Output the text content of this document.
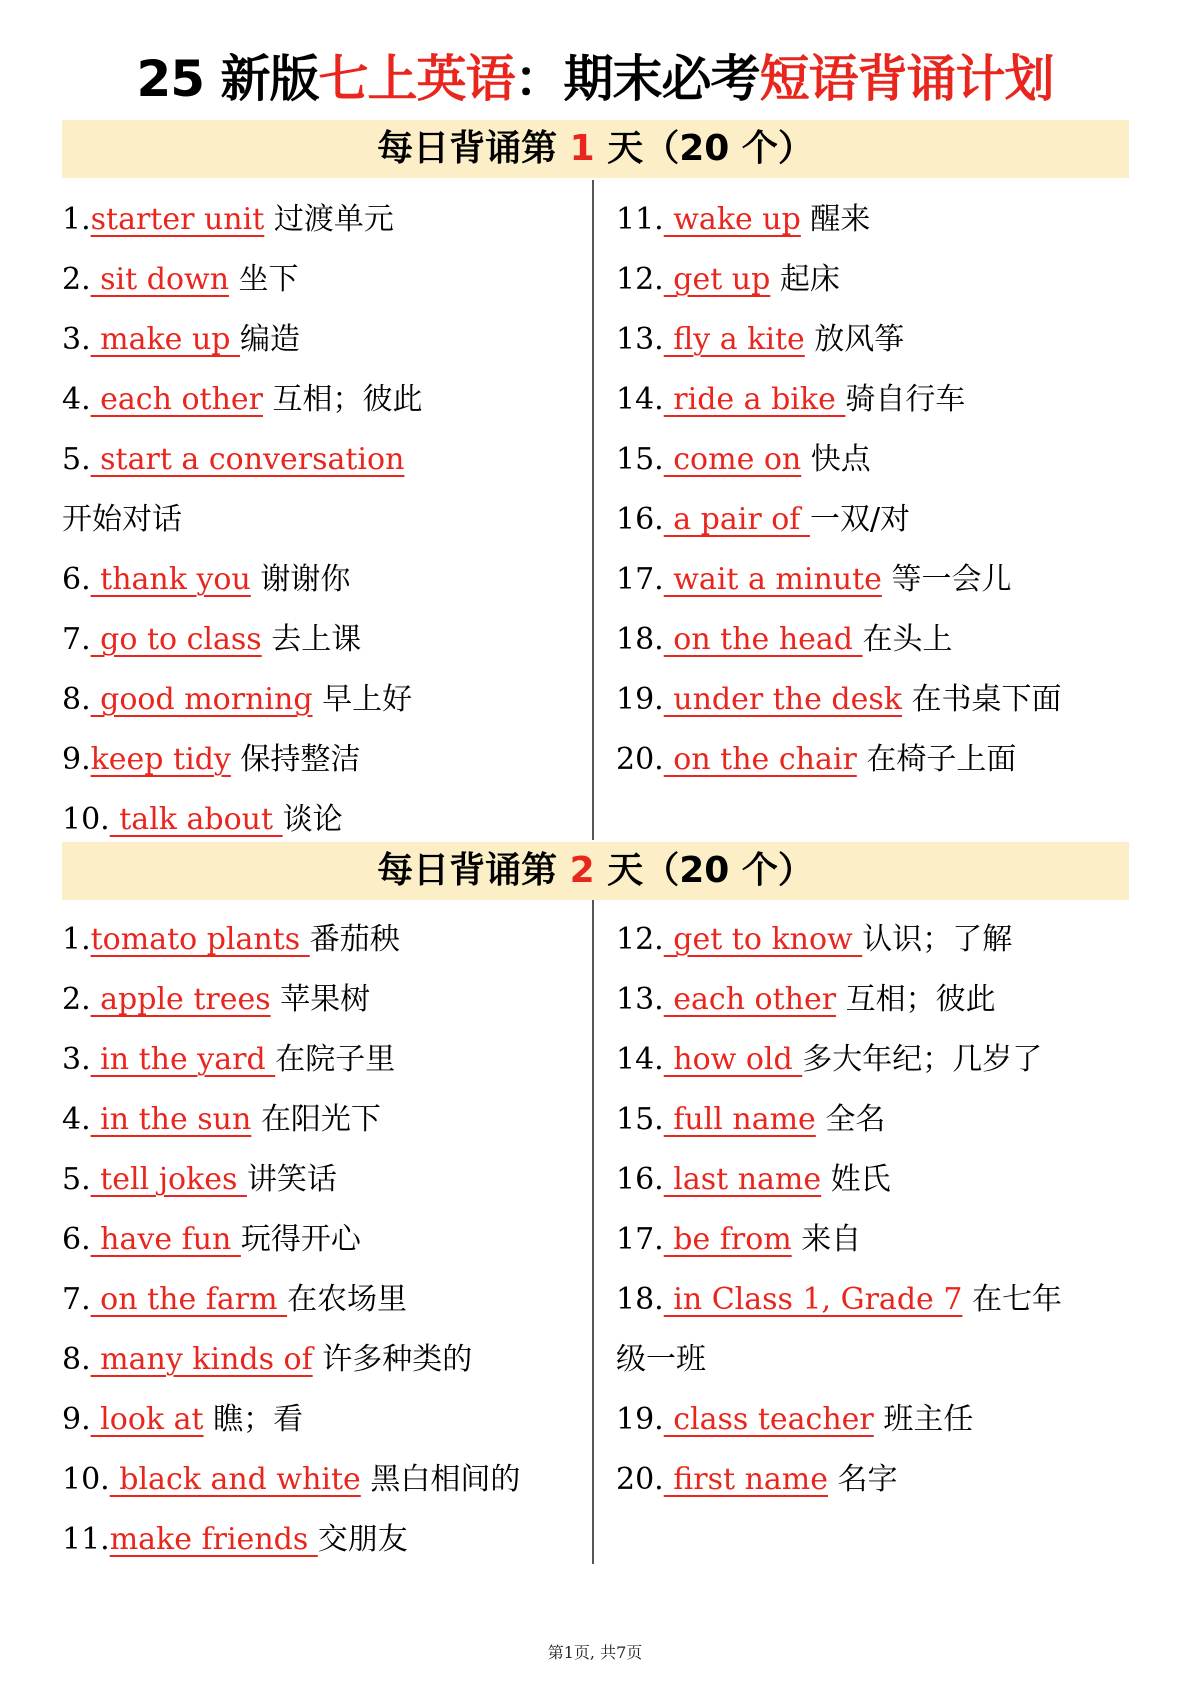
25 新版七上英语：期末必考短语背诵计划
每日背诵第 1 天（20 个）
1.starter unit 过渡单元
2. sit down 坐下
3. make up 编造
4. each other 互相；彼此
5. start a conversation
开始对话
6. thank you 谢谢你
7. go to class 去上课
8. good morning 早上好
9.keep tidy 保持整洁
10. talk about 谈论
11. wake up 醒来
12. get up 起床
13. fly a kite 放风筝
14. ride a bike 骑自行车
15. come on 快点
16. a pair of 一双/对
17. wait a minute 等一会儿
18. on the head 在头上
19. under the desk 在书桌下面
20. on the chair 在椅子上面
每日背诵第 2 天（20 个）
1.tomato plants 番茄秧
2. apple trees 苹果树
3. in the yard 在院子里
4. in the sun 在阳光下
5. tell jokes 讲笑话
6. have fun 玩得开心
7. on the farm 在农场里
8. many kinds of 许多种类的
9. look at 瞧；看
10. black and white 黑白相间的
11.make friends 交朋友
12. get to know 认识；了解
13. each other 互相；彼此
14. how old 多大年纪；几岁了
15. full name 全名
16. last name 姓氏
17. be from 来自
18. in Class 1, Grade 7 在七年
级一班
19. class teacher 班主任
20. first name 名字
第1页, 共7页
